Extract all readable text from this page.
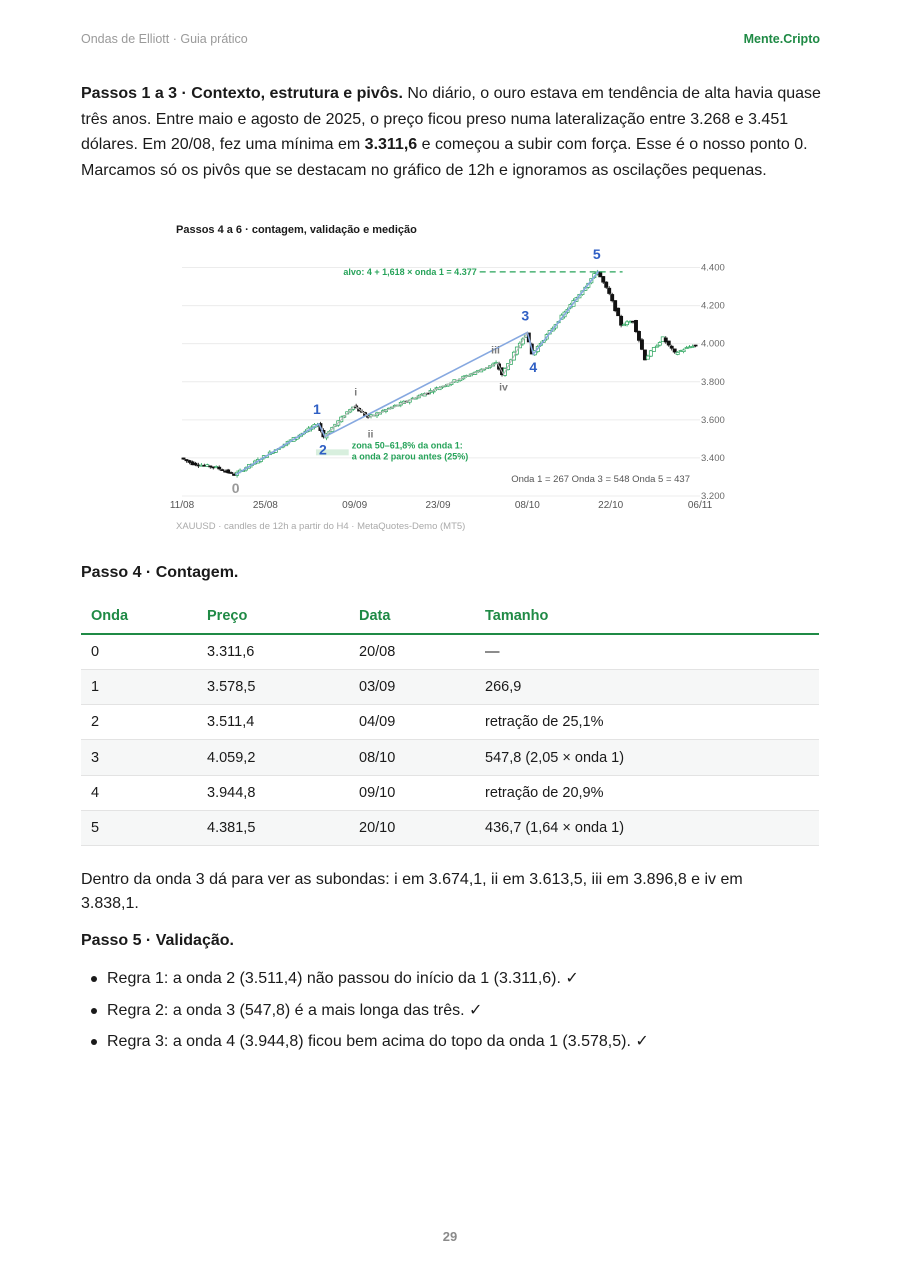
Ondas de Elliott · Guia prático	Mente.Cripto

Passos 1 a 3 · Contexto, estrutura e pivôs. No diário, o ouro estava em tendência de alta havia quase três anos. Entre maio e agosto de 2025, o preço ficou preso numa lateralização entre 3.268 e 3.451 dólares. Em 20/08, fez uma mínima em 3.311,6 e começou a subir com força. Esse é o nosso ponto 0. Marcamos só os pivôs que se destacam no gráfico de 12h e ignoramos as oscilações pequenas.

Passos 4 a 6 · contagem, validação e medição
3.200
3.400
3.600
3.800
4.000
4.200
4.400
11/08	25/08	09/09	23/09	08/10	22/10	06/11
zona 50–61,8% da onda 1:
a onda 2 parou antes (25%)
alvo: 4 + 1,618 × onda 1 = 4.377
0
1
2
i
ii
iii
iv
3
4
5
Onda 1 = 267 Onda 3 = 548 Onda 5 = 437
XAUUSD · candles de 12h a partir do H4 · MetaQuotes-Demo (MT5)
Passo 4 · Contagem.
Onda	Preço	Data	Tamanho
0	3.311,6	20/08	—
1	3.578,5	03/09	266,9
2	3.511,4	04/09	retração de 25,1%
3	4.059,2	08/10	547,8 (2,05 × onda 1)
4	3.944,8	09/10	retração de 20,9%
5	4.381,5	20/10	436,7 (1,64 × onda 1)

Dentro da onda 3 dá para ver as subondas: i em 3.674,1, ii em 3.613,5, iii em 3.896,8 e iv em 3.838,1.

Passo 5 · Validação.
Regra 1: a onda 2 (3.511,4) não passou do início da 1 (3.311,6). ✓
Regra 2: a onda 3 (547,8) é a mais longa das três. ✓
Regra 3: a onda 4 (3.944,8) ficou bem acima do topo da onda 1 (3.578,5). ✓
29
